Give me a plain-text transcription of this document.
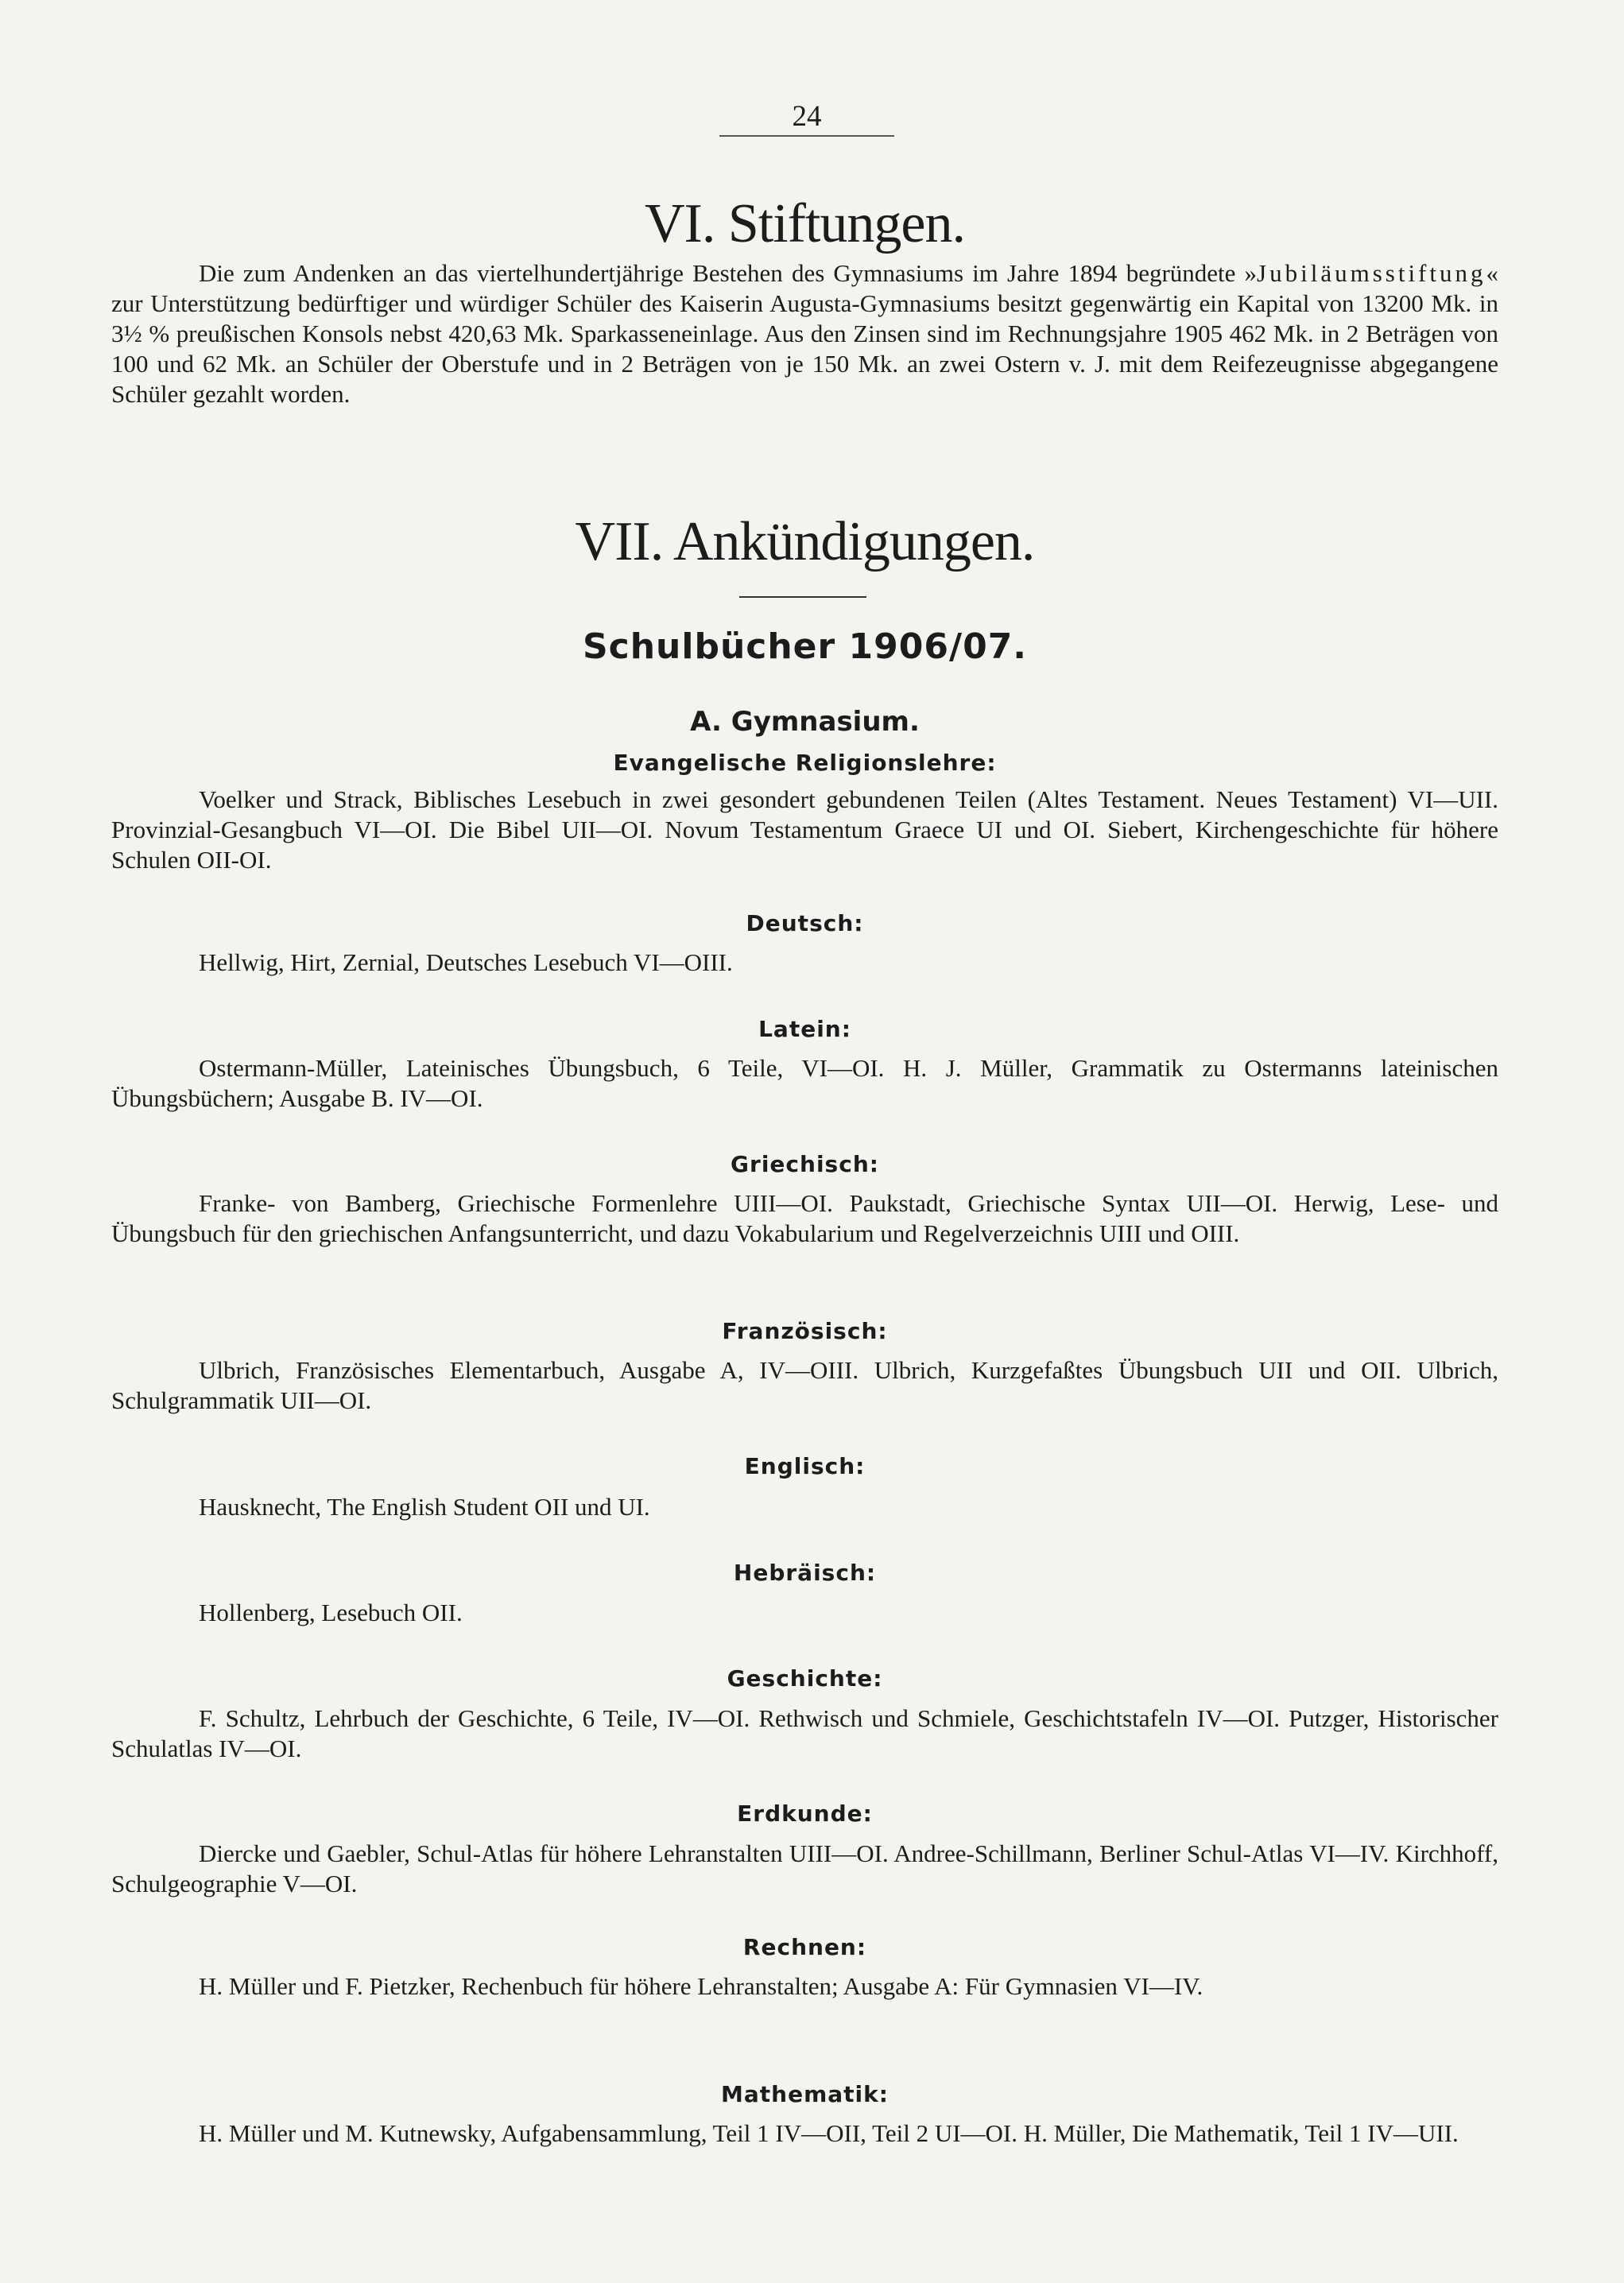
24
VI. Stiftungen.

Die zum Andenken an das viertelhundertjährige Bestehen des Gymnasiums im Jahre 1894 begründete »Jubiläumsstiftung« zur Unterstützung bedürftiger und würdiger Schüler des Kaiserin Augusta-Gymnasiums besitzt gegenwärtig ein Kapital von 13200 Mk. in 3½ % preußischen Konsols nebst 420,63 Mk. Sparkasseneinlage. Aus den Zinsen sind im Rechnungsjahre 1905 462 Mk. in 2 Beträgen von 100 und 62 Mk. an Schüler der Oberstufe und in 2 Beträgen von je 150 Mk. an zwei Ostern v. J. mit dem Reifezeugnisse abgegangene Schüler gezahlt worden.

VII. Ankündigungen.
Schulbücher 1906/07.
A. Gymnasium.
Evangelische Religionslehre:

Voelker und Strack, Biblisches Lesebuch in zwei gesondert gebundenen Teilen (Altes Testament. Neues Testament) VI—UII. Provinzial-Gesangbuch VI—OI. Die Bibel UII—OI. Novum Testamentum Graece UI und OI. Siebert, Kirchengeschichte für höhere Schulen OII-OI.

Deutsch:

Hellwig, Hirt, Zernial, Deutsches Lesebuch VI—OIII.

Latein:

Ostermann-Müller, Lateinisches Übungsbuch, 6 Teile, VI—OI. H. J. Müller, Grammatik zu Ostermanns lateinischen Übungsbüchern; Ausgabe B. IV—OI.

Griechisch:

Franke- von Bamberg, Griechische Formenlehre UIII—OI. Paukstadt, Griechische Syntax UII—OI. Herwig, Lese- und Übungsbuch für den griechischen Anfangsunterricht, und dazu Vokabularium und Regelverzeichnis UIII und OIII.

Französisch:

Ulbrich, Französisches Elementarbuch, Ausgabe A, IV—OIII. Ulbrich, Kurzgefaßtes Übungsbuch UII und OII. Ulbrich, Schulgrammatik UII—OI.

Englisch:

Hausknecht, The English Student OII und UI.

Hebräisch:

Hollenberg, Lesebuch OII.

Geschichte:

F. Schultz, Lehrbuch der Geschichte, 6 Teile, IV—OI. Rethwisch und Schmiele, Geschichtstafeln IV—OI. Putzger, Historischer Schulatlas IV—OI.

Erdkunde:

Diercke und Gaebler, Schul-Atlas für höhere Lehranstalten UIII—OI. Andree-Schillmann, Berliner Schul-Atlas VI—IV. Kirchhoff, Schulgeographie V—OI.

Rechnen:

H. Müller und F. Pietzker, Rechenbuch für höhere Lehranstalten; Ausgabe A: Für Gymnasien VI—IV.

Mathematik:

H. Müller und M. Kutnewsky, Aufgabensammlung, Teil 1 IV—OII, Teil 2 UI—OI. H. Müller, Die Mathematik, Teil 1 IV—UII.
